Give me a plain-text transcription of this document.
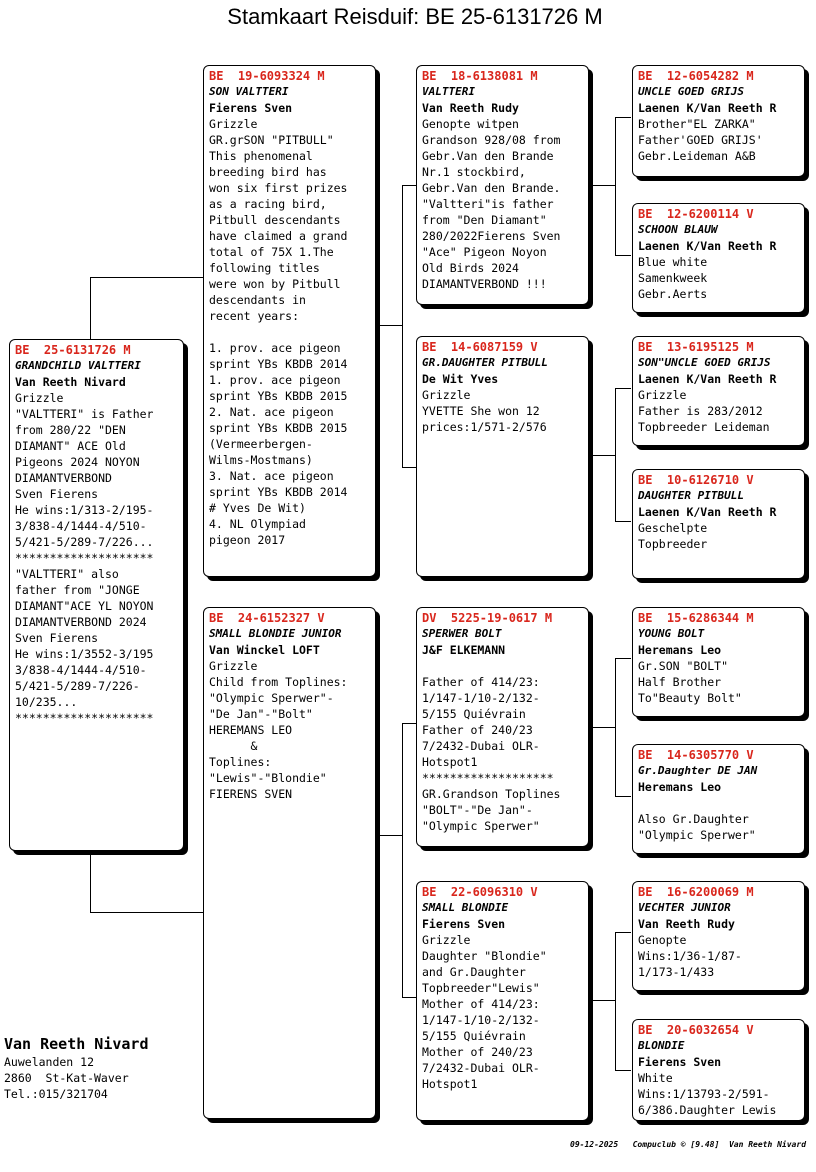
Stamkaart Reisduif: BE 25-6131726 M
BE  25-6131726 M
GRANDCHILD VALTTERI
Van Reeth Nivard
Grizzle
"VALTTERI" is Father
from 280/22 "DEN
DIAMANT" ACE Old
Pigeons 2024 NOYON
DIAMANTVERBOND
Sven Fierens
He wins:1/313-2/195-
3/838-4/1444-4/510-
5/421-5/289-7/226...
********************
"VALTTERI" also
father from "JONGE
DIAMANT"ACE YL NOYON
DIAMANTVERBOND 2024
Sven Fierens
He wins:1/3552-3/195
3/838-4/1444-4/510-
5/421-5/289-7/226-
10/235...
********************
BE  19-6093324 M
SON VALTTERI
Fierens Sven
Grizzle
GR.grSON "PITBULL"
This phenomenal
breeding bird has
won six first prizes
as a racing bird,
Pitbull descendants
have claimed a grand
total of 75X 1.The
following titles
were won by Pitbull
descendants in
recent years:

1. prov. ace pigeon
sprint YBs KBDB 2014
1. prov. ace pigeon
sprint YBs KBDB 2015
2. Nat. ace pigeon
sprint YBs KBDB 2015
(Vermeerbergen-
Wilms-Mostmans)
3. Nat. ace pigeon
sprint YBs KBDB 2014
# Yves De Wit)
4. NL Olympiad
pigeon 2017
BE  24-6152327 V
SMALL BLONDIE JUNIOR
Van Winckel LOFT
Grizzle
Child from Toplines:
"Olympic Sperwer"-
"De Jan"-"Bolt"
HEREMANS LEO
&
Toplines:
"Lewis"-"Blondie"
FIERENS SVEN
BE  18-6138081 M
VALTTERI
Van Reeth Rudy
Genopte witpen
Grandson 928/08 from
Gebr.Van den Brande
Nr.1 stockbird,
Gebr.Van den Brande.
"Valtteri"is father
from "Den Diamant"
280/2022Fierens Sven
"Ace" Pigeon Noyon
Old Birds 2024
DIAMANTVERBOND !!!
BE  14-6087159 V
GR.DAUGHTER PITBULL
De Wit Yves
Grizzle
YVETTE She won 12
prices:1/571-2/576
DV  5225-19-0617 M
SPERWER BOLT
J&F ELKEMANN

Father of 414/23:
1/147-1/10-2/132-
5/155 Quiévrain
Father of 240/23
7/2432-Dubai OLR-
Hotspot1
*******************
GR.Grandson Toplines
"BOLT"-"De Jan"-
"Olympic Sperwer"
BE  22-6096310 V
SMALL BLONDIE
Fierens Sven
Grizzle
Daughter "Blondie"
and Gr.Daughter
Topbreeder"Lewis"
Mother of 414/23:
1/147-1/10-2/132-
5/155 Quiévrain
Mother of 240/23
7/2432-Dubai OLR-
Hotspot1
BE  12-6054282 M
UNCLE GOED GRIJS
Laenen K/Van Reeth R
Brother"EL ZARKA"
Father'GOED GRIJS'
Gebr.Leideman A&B
BE  12-6200114 V
SCHOON BLAUW
Laenen K/Van Reeth R
Blue white
Samenkweek
Gebr.Aerts
BE  13-6195125 M
SON"UNCLE GOED GRIJS
Laenen K/Van Reeth R
Grizzle
Father is 283/2012
Topbreeder Leideman
BE  10-6126710 V
DAUGHTER PITBULL
Laenen K/Van Reeth R
Geschelpte
Topbreeder
BE  15-6286344 M
YOUNG BOLT
Heremans Leo
Gr.SON "BOLT"
Half Brother
To"Beauty Bolt"
BE  14-6305770 V
Gr.Daughter DE JAN
Heremans Leo

Also Gr.Daughter
"Olympic Sperwer"
BE  16-6200069 M
VECHTER JUNIOR
Van Reeth Rudy
Genopte
Wins:1/36-1/87-
1/173-1/433
BE  20-6032654 V
BLONDIE
Fierens Sven
White
Wins:1/13793-2/591-
6/386.Daughter Lewis
Van Reeth Nivard
Auwelanden 12
2860  St-Kat-Waver
Tel.:015/321704
09-12-2025   Compuclub © [9.48]  Van Reeth Nivard
